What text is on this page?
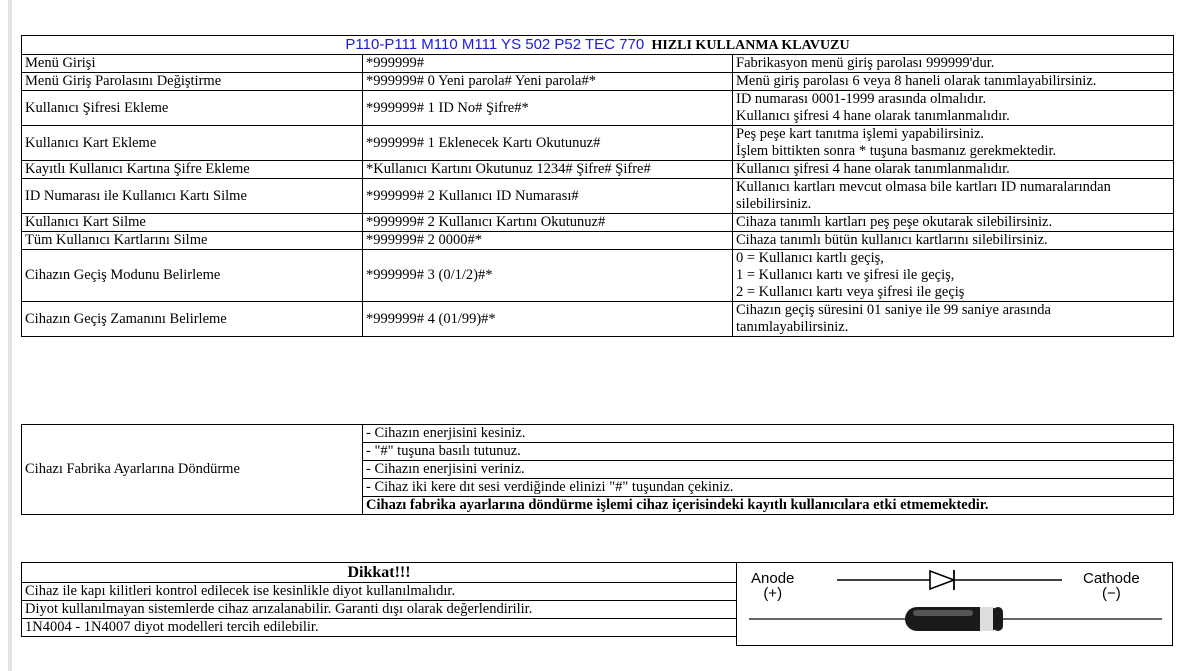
P110-P111 M110 M111 YS 502 P52 TEC 770 HIZLI KULLANMA KLAVUZU		
Menü Girişi	*999999#	Fabrikasyon menü giriş parolası 999999'dur.

Menü Giriş Parolasını Değiştirme	*999999# 0 Yeni parola# Yeni parola#*	Menü giriş parolası 6 veya 8 haneli olarak tanımlayabilirsiniz.

Kullanıcı Şifresi Ekleme	*999999# 1 ID No# Şifre#*	ID numarası 0001-1999 arasında olmalıdır.
Kullanıcı şifresi 4 hane olarak tanımlanmalıdır.

Kullanıcı Kart Ekleme	*999999# 1 Eklenecek Kartı Okutunuz#	Peş peşe kart tanıtma işlemi yapabilirsiniz.
İşlem bittikten sonra * tuşuna basmanız gerekmektedir.

Kayıtlı Kullanıcı Kartına Şifre Ekleme	*Kullanıcı Kartını Okutunuz 1234# Şifre# Şifre#	Kullanıcı şifresi 4 hane olarak tanımlanmalıdır.

ID Numarası ile Kullanıcı Kartı Silme	*999999# 2 Kullanıcı ID Numarası#	Kullanıcı kartları mevcut olmasa bile kartları ID numaralarından
silebilirsiniz.

Kullanıcı Kart Silme	*999999# 2 Kullanıcı Kartını Okutunuz#	Cihaza tanımlı kartları peş peşe okutarak silebilirsiniz.

Tüm Kullanıcı Kartlarını Silme	*999999# 2 0000#*	Cihaza tanımlı bütün kullanıcı kartlarını silebilirsiniz.

Cihazın Geçiş Modunu Belirleme	*999999# 3 (0/1/2)#*	0 = Kullanıcı kartlı geçiş,
1 = Kullanıcı kartı ve şifresi ile geçiş,
2 = Kullanıcı kartı veya şifresi ile geçiş

Cihazın Geçiş Zamanını Belirleme	*999999# 4 (01/99)#*	Cihazın geçiş süresini 01 saniye ile 99 saniye arasında
tanımlayabilirsiniz.
Cihazı Fabrika Ayarlarına Döndürme	- Cihazın enerjisini kesiniz.
- "#" tuşuna basılı tutunuz.
- Cihazın enerjisini veriniz.
- Cihaz iki kere dıt sesi verdiğinde elinizi "#" tuşundan çekiniz.
Cihazı fabrika ayarlarına döndürme işlemi cihaz içerisindeki kayıtlı kullanıcılara etki etmemektedir.
Dikkat!!!
Cihaz ile kapı kilitleri kontrol edilecek ise kesinlikle diyot kullanılmalıdır.
Diyot kullanılmayan sistemlerde cihaz arızalanabilir. Garanti dışı olarak değerlendirilir.
1N4004 - 1N4007 diyot modelleri tercih edilebilir.
Anode
(+)
Cathode
(−)
